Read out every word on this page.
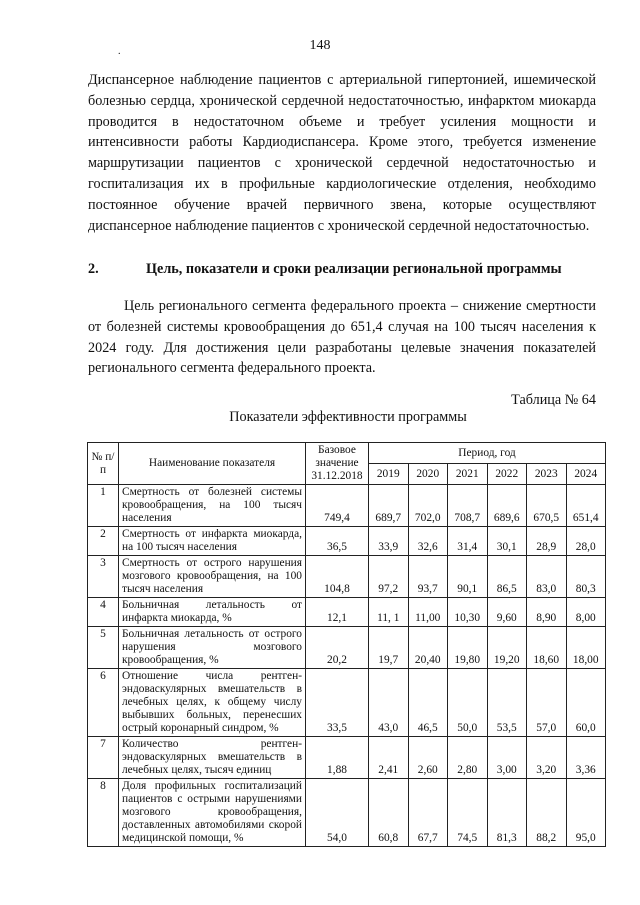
148
.
Диспансерное наблюдение пациентов с артериальной гипертонией, ишемической болезнью сердца, хронической сердечной недостаточностью, инфарктом миокарда проводится в недостаточном объеме и требует усиления мощности и интенсивности работы Кардиодиспансера. Кроме этого, требуется изменение маршрутизации пациентов с хронической сердечной недостаточностью и госпитализация их в профильные кардиологические отделения, необходимо постоянное обучение врачей первичного звена, которые осуществляют диспансерное наблюдение пациентов с хронической сердечной недостаточностью.
2.	Цель, показатели и сроки реализации региональной программы
Цель регионального сегмента федерального проекта – снижение смертности от болезней системы кровообращения до 651,4 случая на 100 тысяч населения к 2024 году. Для достижения цели разработаны целевые значения показателей регионального сегмента федерального проекта.
Таблица № 64
Показатели эффективности программы
№ п/п	Наименование показателя	Базовое значение 31.12.2018	Период, год					
			2019	2020	2021	2022	2023	2024
1	Смертность от болезней системы кровообращения, на 100 тысяч населения	749,4	689,7	702,0	708,7	689,6	670,5	651,4
2	Смертность от инфаркта миокарда, на 100 тысяч населения	36,5	33,9	32,6	31,4	30,1	28,9	28,0
3	Смертность от острого нарушения мозгового кровообращения, на 100 тысяч населения	104,8	97,2	93,7	90,1	86,5	83,0	80,3
4	Больничная летальность от инфаркта миокарда, %	12,1	11, 1	11,00	10,30	9,60	8,90	8,00
5	Больничная летальность от острого нарушения мозгового кровообращения, %	20,2	19,7	20,40	19,80	19,20	18,60	18,00
6	Отношение числа рентген-эндоваскулярных вмешательств в лечебных целях, к общему числу выбывших больных, перенесших острый коронарный синдром, %	33,5	43,0	46,5	50,0	53,5	57,0	60,0
7	Количество рентген-эндоваскулярных вмешательств в лечебных целях, тысяч единиц	1,88	2,41	2,60	2,80	3,00	3,20	3,36
8	Доля профильных госпитализаций пациентов с острыми нарушениями мозгового кровообращения, доставленных автомобилями скорой медицинской помощи, %	54,0	60,8	67,7	74,5	81,3	88,2	95,0
